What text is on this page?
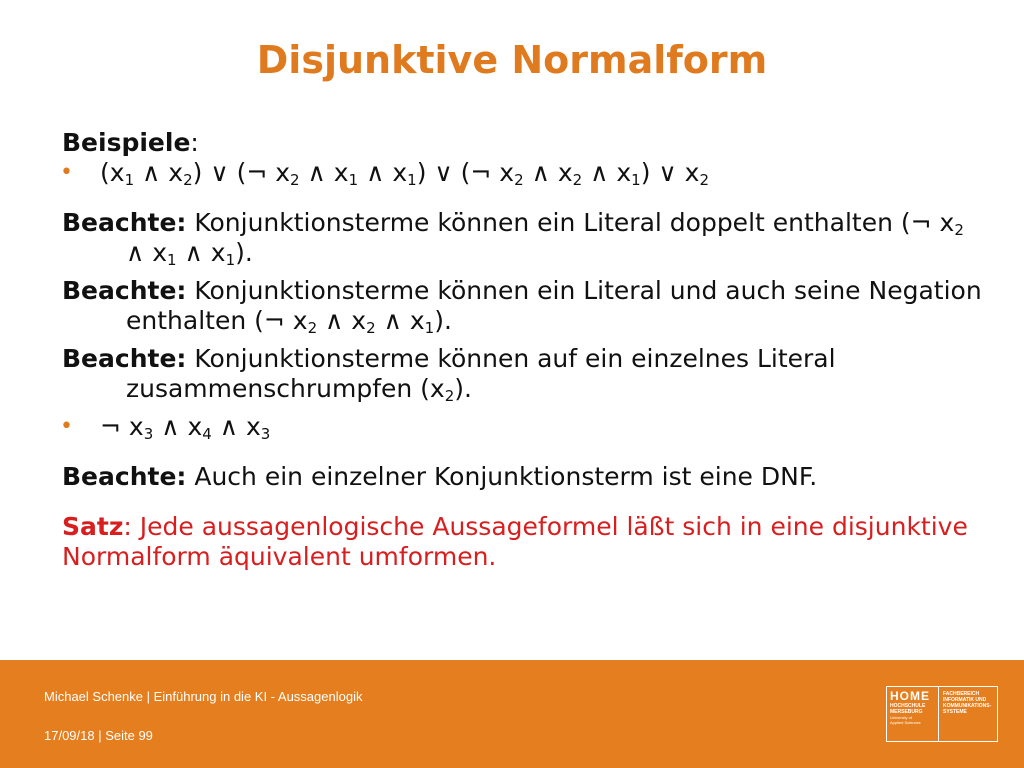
Disjunktive Normalform
Beispiele:
• ($x_1$ ∧ $x_2$) ∨ (¬ $x_2$ ∧ $x_1$ ∧ $x_1$) ∨ (¬ $x_2$ ∧ $x_2$ ∧ $x_1$) ∨ $x_2$
Beachte: Konjunktionsterme können ein Literal doppelt enthalten (¬ $x_2$ ∧ $x_1$ ∧ $x_1$).
Beachte: Konjunktionsterme können ein Literal und auch seine Negation enthalten (¬ $x_2$ ∧ $x_2$ ∧ $x_1$).
Beachte: Konjunktionsterme können auf ein einzelnes Literal zusammenschrumpfen $(x_2)$.
• ¬ $x_3$ ∧ $x_4$ ∧ $x_3$
Beachte: Auch ein einzelner Konjunktionsterm ist eine DNF.
Satz: Jede aussagenlogische Aussageformel läßt sich in eine disjunktive Normalform äquivalent umformen.
Michael Schenke | Einführung in die KI - Aussagenlogik
17/09/18 | Seite 99
HOME
HOCHSCHULE
MERSEBURG
University of
Applied Sciences
FACHBEREICH
INFORMATIK UND
KOMMUNIKATIONS-
SYSTEME
